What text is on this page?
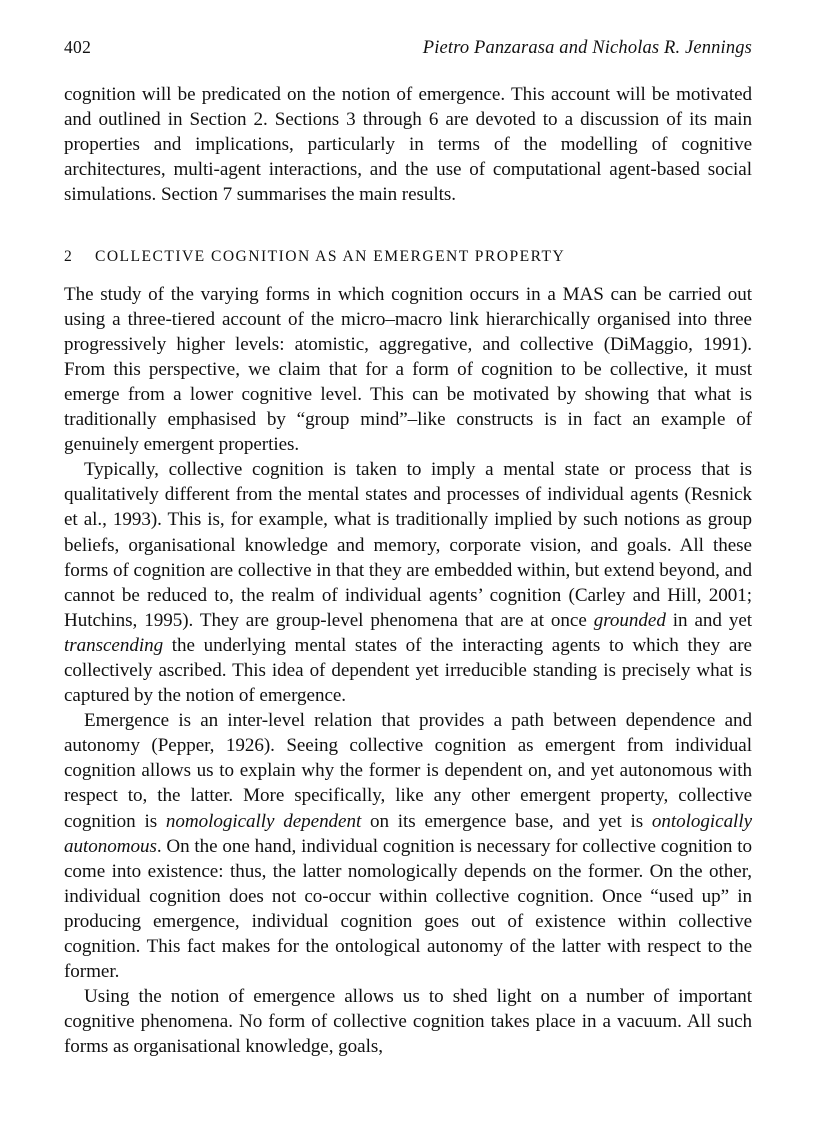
402	Pietro Panzarasa and Nicholas R. Jennings

cognition will be predicated on the notion of emergence. This account will be motivated and outlined in Section 2. Sections 3 through 6 are devoted to a discussion of its main properties and implications, particularly in terms of the modelling of cognitive architectures, multi-agent interactions, and the use of computational agent-based social simulations. Section 7 summarises the main results.

2	COLLECTIVE COGNITION AS AN EMERGENT PROPERTY

The study of the varying forms in which cognition occurs in a MAS can be carried out using a three-tiered account of the micro–macro link hierarchically organised into three progressively higher levels: atomistic, aggregative, and collective (DiMaggio, 1991). From this perspective, we claim that for a form of cognition to be collective, it must emerge from a lower cognitive level. This can be motivated by showing that what is traditionally emphasised by “group mind”–like constructs is in fact an example of genuinely emergent properties.

Typically, collective cognition is taken to imply a mental state or process that is qualitatively different from the mental states and processes of individual agents (Resnick et al., 1993). This is, for example, what is traditionally implied by such notions as group beliefs, organisational knowledge and memory, corporate vision, and goals. All these forms of cognition are collective in that they are embedded within, but extend beyond, and cannot be reduced to, the realm of individual agents’ cognition (Carley and Hill, 2001; Hutchins, 1995). They are group-level phenomena that are at once grounded in and yet transcending the underlying mental states of the interacting agents to which they are collectively ascribed. This idea of dependent yet irreducible standing is precisely what is captured by the notion of emergence.

Emergence is an inter-level relation that provides a path between dependence and autonomy (Pepper, 1926). Seeing collective cognition as emergent from individual cognition allows us to explain why the former is dependent on, and yet autonomous with respect to, the latter. More specifically, like any other emergent property, collective cognition is nomologically dependent on its emergence base, and yet is ontologically autonomous. On the one hand, individual cognition is necessary for collective cognition to come into existence: thus, the latter nomologically depends on the former. On the other, individual cognition does not co-occur within collective cognition. Once “used up” in producing emergence, individual cognition goes out of existence within collective cognition. This fact makes for the ontological autonomy of the latter with respect to the former.

Using the notion of emergence allows us to shed light on a number of important cognitive phenomena. No form of collective cognition takes place in a vacuum. All such forms as organisational knowledge, goals,
